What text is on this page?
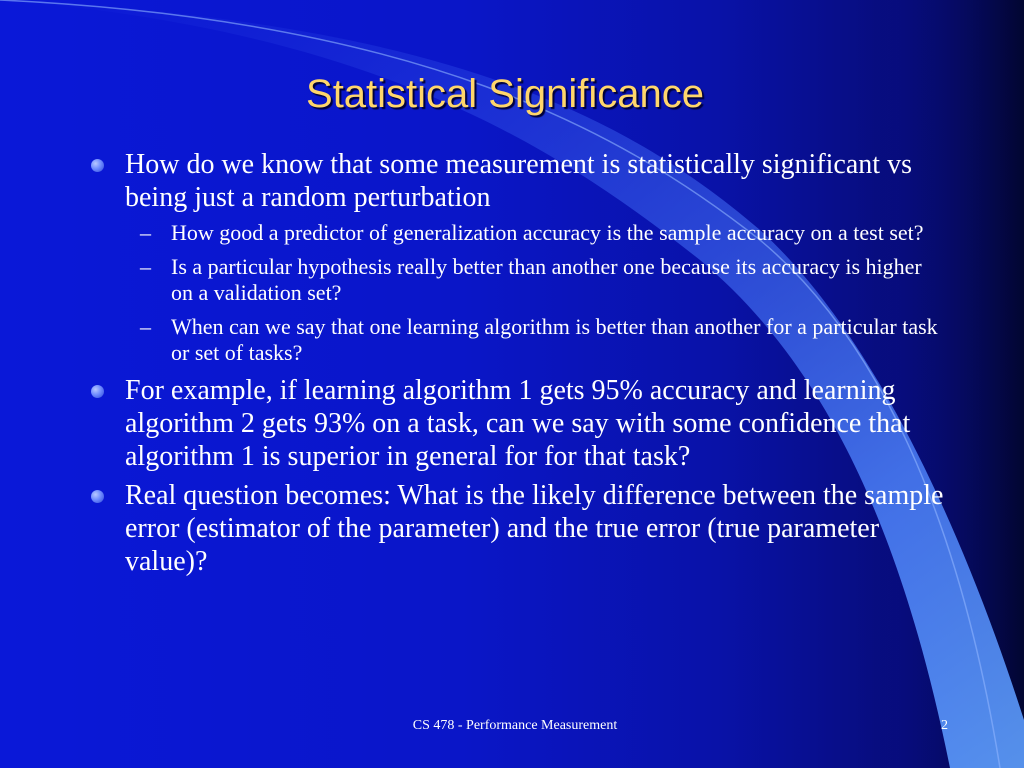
Statistical Significance
How do we know that some measurement is statistically significant vs being just a random perturbation
– How good a predictor of generalization accuracy is the sample accuracy on a test set?
– Is a particular hypothesis really better than another one because its accuracy is higher on a validation set?
– When can we say that one learning algorithm is better than another for a particular task or set of tasks?
For example, if learning algorithm 1 gets 95% accuracy and learning algorithm 2 gets 93% on a task, can we say with some confidence that algorithm 1 is superior in general for for that task?
Real question becomes: What is the likely difference between the sample error (estimator of the parameter) and the true error (true parameter value)?
CS 478 - Performance Measurement	2
